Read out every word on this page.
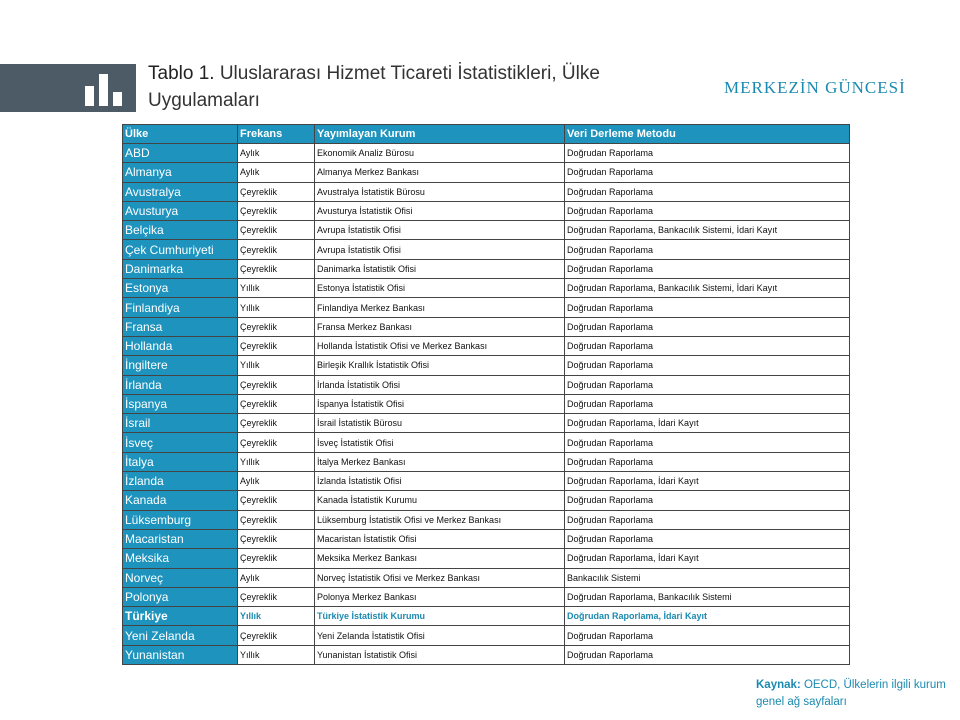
Tablo 1. Uluslararası Hizmet Ticareti İstatistikleri, Ülke Uygulamaları
MERKEZİN GÜNCESİ
Ülke	Frekans	Yayımlayan Kurum	Veri Derleme Metodu
ABD	Aylık	Ekonomik Analiz Bürosu	Doğrudan Raporlama
Almanya	Aylık	Almanya Merkez Bankası	Doğrudan Raporlama
Avustralya	Çeyreklik	Avustralya İstatistik Bürosu	Doğrudan Raporlama
Avusturya	Çeyreklik	Avusturya İstatistik Ofisi	Doğrudan Raporlama
Belçika	Çeyreklik	Avrupa İstatistik Ofisi	Doğrudan Raporlama, Bankacılık Sistemi, İdari Kayıt
Çek Cumhuriyeti	Çeyreklik	Avrupa İstatistik Ofisi	Doğrudan Raporlama
Danimarka	Çeyreklik	Danimarka İstatistik Ofisi	Doğrudan Raporlama
Estonya	Yıllık	Estonya İstatistik Ofisi	Doğrudan Raporlama, Bankacılık Sistemi, İdari Kayıt
Finlandiya	Yıllık	Finlandiya Merkez Bankası	Doğrudan Raporlama
Fransa	Çeyreklik	Fransa Merkez Bankası	Doğrudan Raporlama
Hollanda	Çeyreklik	Hollanda İstatistik Ofisi ve Merkez Bankası	Doğrudan Raporlama
İngiltere	Yıllık	Birleşik Krallık İstatistik Ofisi	Doğrudan Raporlama
İrlanda	Çeyreklik	İrlanda İstatistik Ofisi	Doğrudan Raporlama
İspanya	Çeyreklik	İspanya İstatistik Ofisi	Doğrudan Raporlama
İsrail	Çeyreklik	İsrail İstatistik Bürosu	Doğrudan Raporlama, İdari Kayıt
İsveç	Çeyreklik	İsveç İstatistik Ofisi	Doğrudan Raporlama
İtalya	Yıllık	İtalya Merkez Bankası	Doğrudan Raporlama
İzlanda	Aylık	İzlanda İstatistik Ofisi	Doğrudan Raporlama, İdari Kayıt
Kanada	Çeyreklik	Kanada İstatistik Kurumu	Doğrudan Raporlama
Lüksemburg	Çeyreklik	Lüksemburg İstatistik Ofisi ve Merkez Bankası	Doğrudan Raporlama
Macaristan	Çeyreklik	Macaristan İstatistik Ofisi	Doğrudan Raporlama
Meksika	Çeyreklik	Meksika Merkez Bankası	Doğrudan Raporlama, İdari Kayıt
Norveç	Aylık	Norveç İstatistik Ofisi ve Merkez Bankası	Bankacılık Sistemi
Polonya	Çeyreklik	Polonya Merkez Bankası	Doğrudan Raporlama, Bankacılık Sistemi
Türkiye	Yıllık	Türkiye İstatistik Kurumu	Doğrudan Raporlama, İdari Kayıt
Yeni Zelanda	Çeyreklik	Yeni Zelanda İstatistik Ofisi	Doğrudan Raporlama
Yunanistan	Yıllık	Yunanistan İstatistik Ofisi	Doğrudan Raporlama
Kaynak: OECD, Ülkelerin ilgili kurum genel ağ sayfaları
